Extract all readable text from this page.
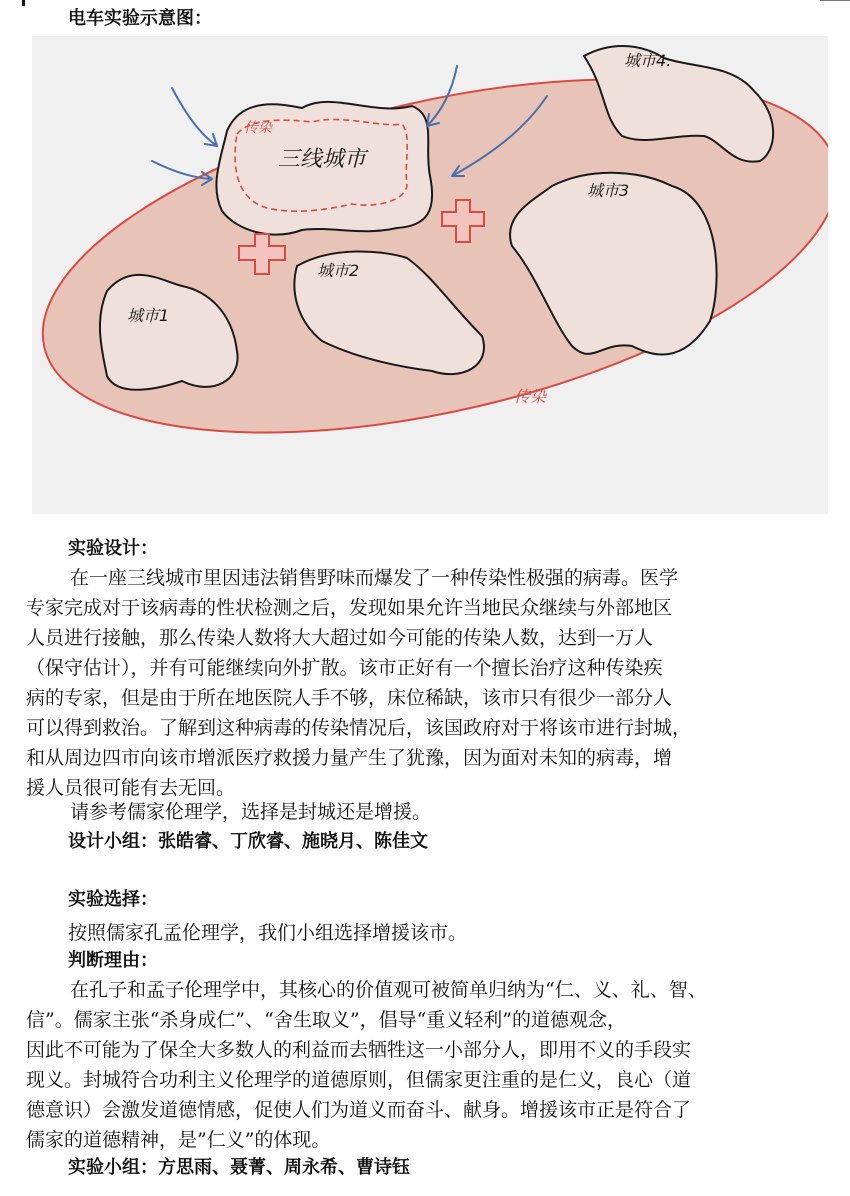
电车实验示意图：
三线城市
传染
城市4.
城市3
城市2
城市1
传染
实验设计：

在一座三线城市里因违法销售野味而爆发了一种传染性极强的病毒。医学

专家完成对于该病毒的性状检测之后，发现如果允许当地民众继续与外部地区

人员进行接触，那么传染人数将大大超过如今可能的传染人数，达到一万人

（保守估计），并有可能继续向外扩散。该市正好有一个擅长治疗这种传染疾

病的专家，但是由于所在地医院人手不够，床位稀缺，该市只有很少一部分人

可以得到救治。了解到这种病毒的传染情况后，该国政府对于将该市进行封城，

和从周边四市向该市增派医疗救援力量产生了犹豫，因为面对未知的病毒，增

援人员很可能有去无回。

请参考儒家伦理学，选择是封城还是增援。
设计小组：张皓睿、丁欣睿、施晓月、陈佳文
实验选择：
按照儒家孔孟伦理学，我们小组选择增援该市。
判断理由：

在孔子和孟子伦理学中，其核心的价值观可被简单归纳为“仁、义、礼、智、

信”。儒家主张“杀身成仁”、“舍生取义”，倡导“重义轻利”的道德观念，

因此不可能为了保全大多数人的利益而去牺牲这一小部分人，即用不义的手段实

现义。封城符合功利主义伦理学的道德原则，但儒家更注重的是仁义，良心（道

德意识）会激发道德情感，促使人们为道义而奋斗、献身。增援该市正是符合了

儒家的道德精神，是”仁义”的体现。

实验小组：方思雨、聂菁、周永希、曹诗钰
